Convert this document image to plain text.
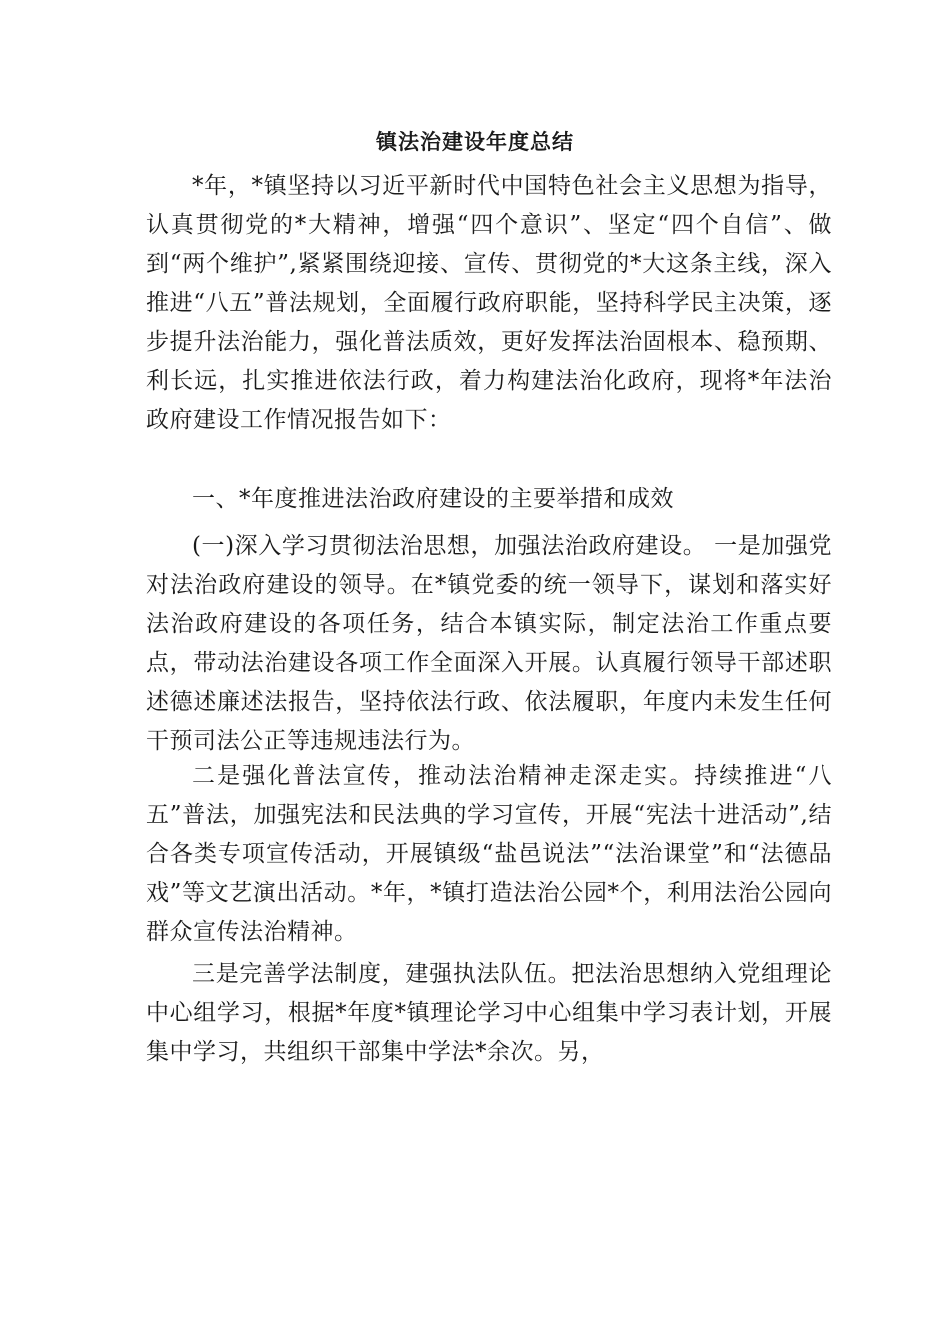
镇法治建设年度总结

*年，*镇坚持以习近平新时代中国特色社会主义思想为指导，认真贯彻党的*大精神，增强“四个意识”、坚定“四个自信”、做到“两个维护”,紧紧围绕迎接、宣传、贯彻党的*大这条主线，深入推进“八五”普法规划，全面履行政府职能，坚持科学民主决策，逐步提升法治能力，强化普法质效，更好发挥法治固根本、稳预期、利长远，扎实推进依法行政，着力构建法治化政府，现将*年法治政府建设工作情况报告如下：

一、*年度推进法治政府建设的主要举措和成效

(一)深入学习贯彻法治思想，加强法治政府建设。 一是加强党对法治政府建设的领导。在*镇党委的统一领导下，谋划和落实好法治政府建设的各项任务，结合本镇实际，制定法治工作重点要点，带动法治建设各项工作全面深入开展。认真履行领导干部述职述德述廉述法报告，坚持依法行政、依法履职，年度内未发生任何干预司法公正等违规违法行为。

二是强化普法宣传，推动法治精神走深走实。持续推进“八五”普法，加强宪法和民法典的学习宣传，开展“宪法十进活动”,结合各类专项宣传活动，开展镇级“盐邑说法”“法治课堂”和“法德品戏”等文艺演出活动。*年，*镇打造法治公园*个，利用法治公园向群众宣传法治精神。

三是完善学法制度，建强执法队伍。把法治思想纳入党组理论中心组学习，根据*年度*镇理论学习中心组集中学习表计划，开展集中学习，共组织干部集中学法*余次。另，
